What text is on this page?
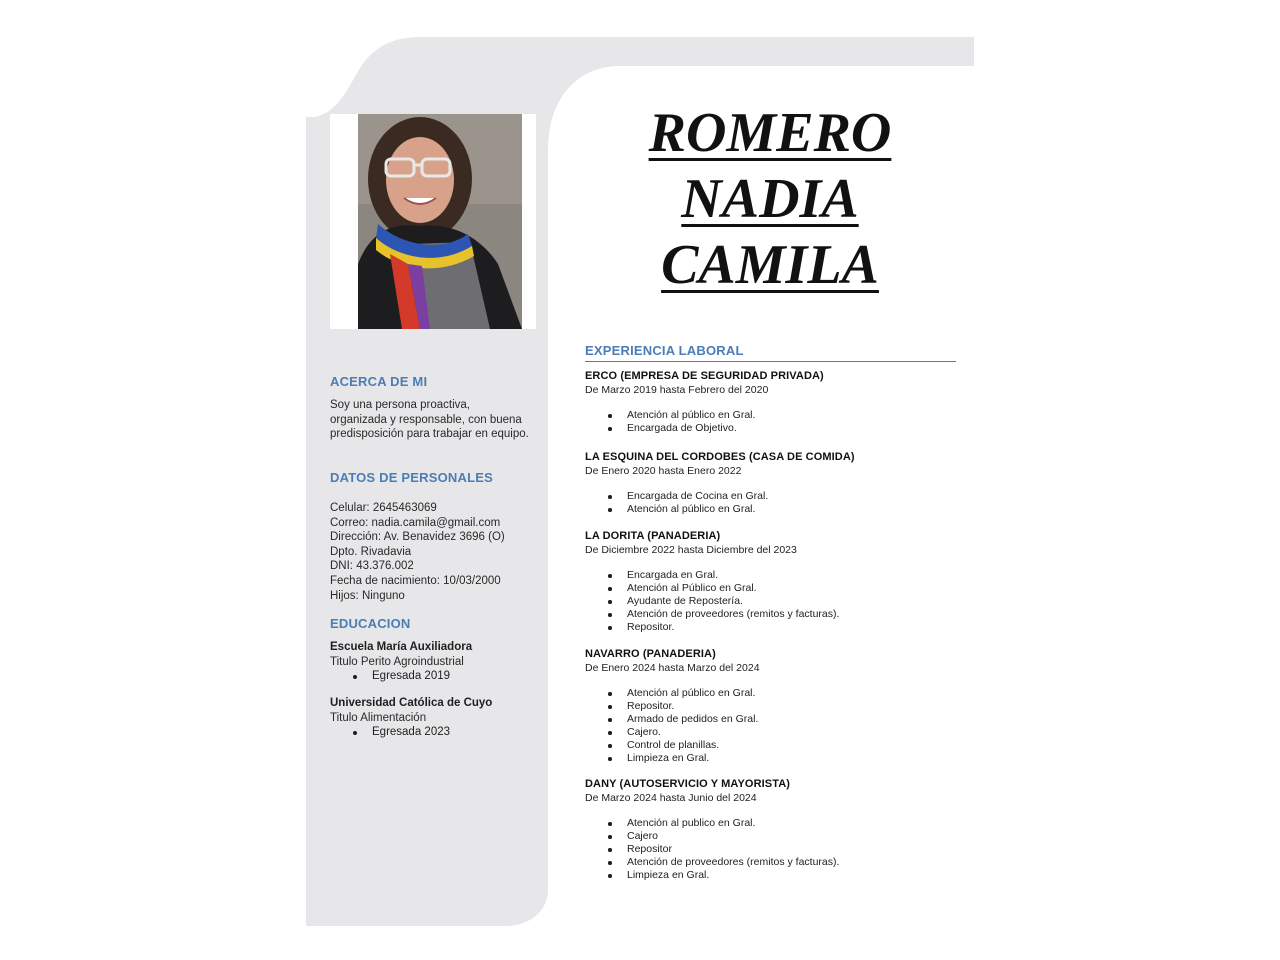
ROMERO
NADIA
CAMILA
ACERCA DE MI

Soy una persona proactiva, organizada y responsable, con buena predisposición para trabajar en equipo.

DATOS DE PERSONALES
Celular: 2645463069
Correo: nadia.camila@gmail.com
Dirección: Av. Benavidez 3696 (O)
Dpto. Rivadavia
DNI: 43.376.002
Fecha de nacimiento: 10/03/2000
Hijos: Ninguno
EDUCACION
Escuela María Auxiliadora
Titulo Perito Agroindustrial
Egresada 2019
Universidad Católica de Cuyo
Titulo Alimentación
Egresada 2023
EXPERIENCIA LABORAL
ERCO (EMPRESA DE SEGURIDAD PRIVADA)
De Marzo 2019 hasta Febrero del 2020
Atención al público en Gral.
Encargada de Objetivo.
LA ESQUINA DEL CORDOBES (CASA DE COMIDA)
De Enero 2020 hasta Enero 2022
Encargada de Cocina en Gral.
Atención al público en Gral.
LA DORITA (PANADERIA)
De Diciembre 2022 hasta Diciembre del 2023
Encargada en Gral.
Atención al Público en Gral.
Ayudante de Repostería.
Atención de proveedores (remitos y facturas).
Repositor.
NAVARRO (PANADERIA)
De Enero 2024 hasta Marzo del 2024
Atención al público en Gral.
Repositor.
Armado de pedidos en Gral.
Cajero.
Control de planillas.
Limpieza en Gral.
DANY (AUTOSERVICIO Y MAYORISTA)
De Marzo 2024 hasta Junio del 2024
Atención al publico en Gral.
Cajero
Repositor
Atención de proveedores (remitos y facturas).
Limpieza en Gral.
